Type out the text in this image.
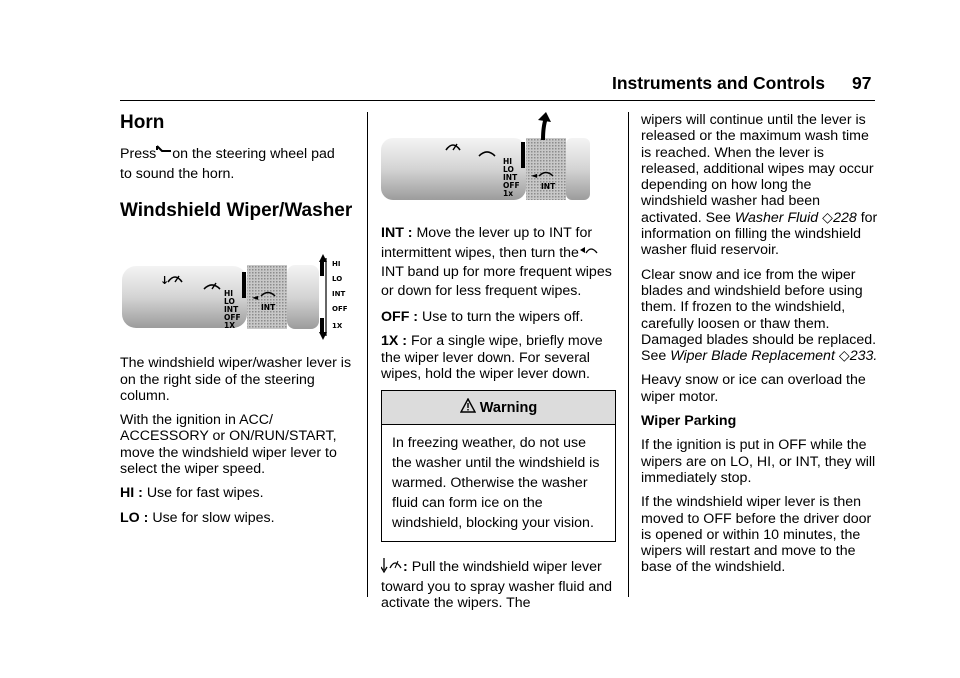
Instruments and Controls 97
Horn

Press on the steering wheel pad
to sound the horn.

Windshield Wiper/Washer
↓
HI
LO
INT
OFF
1X
◄
INT
HI
LO
INT
OFF
1X

The windshield wiper/washer lever is on the right side of the steering column.

With the ignition in ACC/ ACCESSORY or ON/RUN/START, move the windshield wiper lever to select the wiper speed.

HI : Use for fast wipes.

LO : Use for slow wipes.

HI
LO
INT
OFF
1x
◄
INT

INT : Move the lever up to INT for intermittent wipes, then turn the
INT band up for more frequent wipes or down for less frequent wipes.

OFF : Use to turn the wipers off.

1X : For a single wipe, briefly move the wiper lever down. For several wipes, hold the wiper lever down.

Warning
In freezing weather, do not use the washer until the windshield is warmed. Otherwise the washer fluid can form ice on the windshield, blocking your vision.

: Pull the windshield wiper lever toward you to spray washer fluid and activate the wipers. The

wipers will continue until the lever is released or the maximum wash time is reached. When the lever is released, additional wipes may occur depending on how long the windshield washer had been activated. See Washer Fluid ◇228 for information on filling the windshield washer fluid reservoir.

Clear snow and ice from the wiper blades and windshield before using them. If frozen to the windshield, carefully loosen or thaw them. Damaged blades should be replaced. See Wiper Blade Replacement ◇233.

Heavy snow or ice can overload the wiper motor.

Wiper Parking

If the ignition is put in OFF while the wipers are on LO, HI, or INT, they will immediately stop.

If the windshield wiper lever is then moved to OFF before the driver door is opened or within 10 minutes, the wipers will restart and move to the base of the windshield.
